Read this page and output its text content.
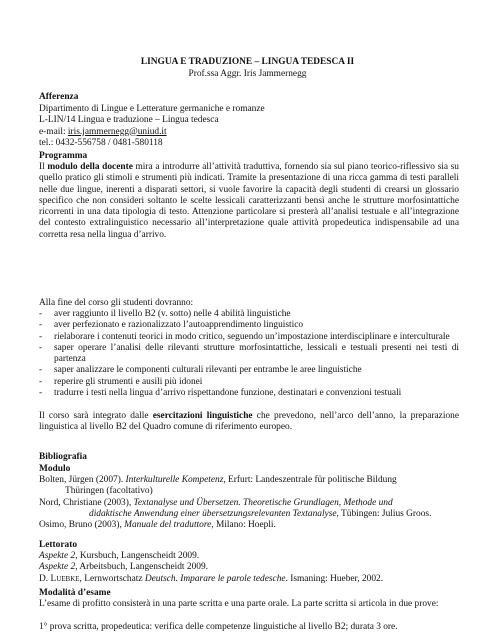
LINGUA E TRADUZIONE – LINGUA TEDESCA II
Prof.ssa Aggr. Iris Jammernegg
Afferenza
Dipartimento di Lingue e Letterature germaniche e romanze
L-LIN/14 Lingua e traduzione – Lingua tedesca
e-mail: iris.jammernegg@uniud.it
tel.: 0432-556758 / 0481-580118
Programma
Il modulo della docente mira a introdurre all’attività traduttiva, fornendo sia sul piano teorico-riflessivo sia su quello pratico gli stimoli e strumenti più indicati. Tramite la presentazione di una ricca gamma di testi paralleli nelle due lingue, inerenti a disparati settori, si vuole favorire la capacità degli studenti di crearsi un glossario specifico che non consideri soltanto le scelte lessicali caratterizzanti bensì anche le strutture morfosintattiche ricorrenti in una data tipologia di testo. Attenzione particolare si presterà all’analisi testuale e all’integrazione del contesto extralinguistico necessario all’interpretazione quale attività propedeutica indispensabile ad una corretta resa nella lingua d’arrivo.
Alla fine del corso gli studenti dovranno:
- aver raggiunto il livello B2 (v. sotto) nelle 4 abilità linguistiche
- aver perfezionato e razionalizzato l’autoapprendimento linguistico
- rielaborare i contenuti teorici in modo critico, seguendo un’impostazione interdisciplinare e interculturale
- saper operare l’analisi delle rilevanti strutture morfosintattiche, lessicali e testuali presenti nei testi di partenza
- saper analizzare le componenti culturali rilevanti per entrambe le aree linguistiche
- reperire gli strumenti e ausili più idonei
- tradurre i testi nella lingua d’arrivo rispettandone funzione, destinatari e convenzioni testuali
Il corso sarà integrato dalle esercitazioni linguistiche che prevedono, nell’arco dell’anno, la preparazione linguistica al livello B2 del Quadro comune di riferimento europeo.
Bibliografia
Modulo
Bolten, Jürgen (2007). Interkulturelle Kompetenz, Erfurt: Landeszentrale für politische Bildung
Thüringen (facoltativo)
Nord, Christiane (2003), Textanalyse und Übersetzen. Theoretische Grundlagen, Methode und
didaktische Anwendung einer übersetzungsrelevanten Textanalyse, Tübingen: Julius Groos.
Osimo, Bruno (2003), Manuale del traduttore, Milano: Hoepli.
Lettorato
Aspekte 2, Kursbuch, Langenscheidt 2009.
Aspekte 2, Arbeitsbuch, Langenscheidt 2009.
D. Luebke, Lernwortschatz Deutsch. Imparare le parole tedesche. Ismaning: Hueber, 2002.
Modalità d’esame
L’esame di profitto consisterà in una parte scritta e una parte orale. La parte scritta si articola in due prove:
1° prova scritta, propedeutica: verifica delle competenze linguistiche al livello B2; durata 3 ore.
